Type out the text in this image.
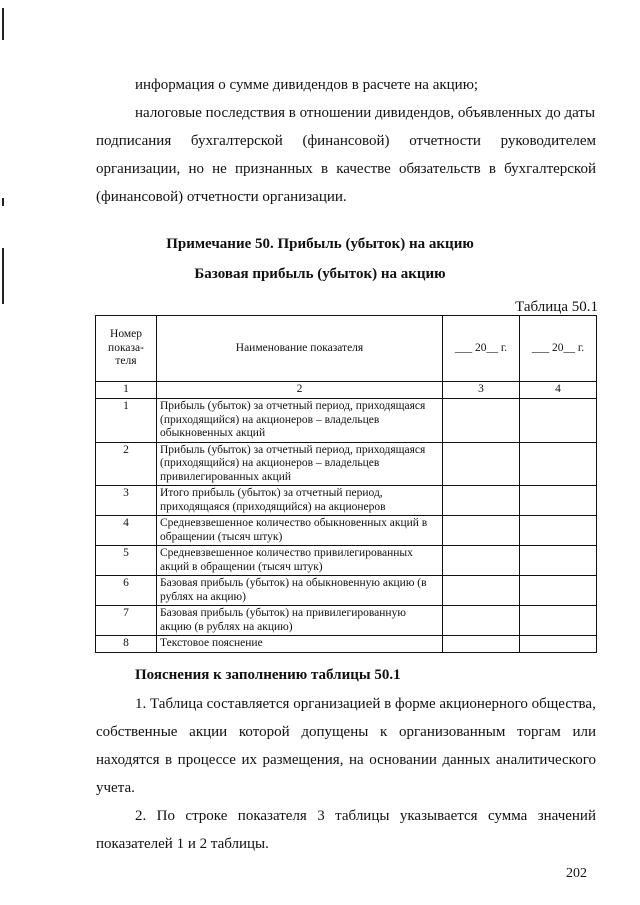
информация о сумме дивидендов в расчете на акцию;

налоговые последствия в отношении дивидендов, объявленных до даты

подписания бухгалтерской (финансовой) отчетности руководителем

организации, но не признанных в качестве обязательств в бухгалтерской

(финансовой) отчетности организации.

Примечание 50. Прибыль (убыток) на акцию

Базовая прибыль (убыток) на акцию

Таблица 50.1
Номер показа-теля	Наименование показателя	___ 20__ г.	___ 20__ г.
1	2	3	4
1	Прибыль (убыток) за отчетный период, приходящаяся (приходящийся) на акционеров – владельцев обыкновенных акций		
2	Прибыль (убыток) за отчетный период, приходящаяся (приходящийся) на акционеров – владельцев привилегированных акций		
3	Итого прибыль (убыток) за отчетный период, приходящаяся (приходящийся) на акционеров		
4	Средневзвешенное количество обыкновенных акций в обращении (тысяч штук)		
5	Средневзвешенное количество привилегированных акций в обращении (тысяч штук)		
6	Базовая прибыль (убыток) на обыкновенную акцию (в рублях на акцию)		
7	Базовая прибыль (убыток) на привилегированную акцию (в рублях на акцию)		
8	Текстовое пояснение		

Пояснения к заполнению таблицы 50.1

1. Таблица составляется организацией в форме акционерного общества,

собственные акции которой допущены к организованным торгам или

находятся в процессе их размещения, на основании данных аналитического

учета.

2. По строке показателя 3 таблицы указывается сумма значений

показателей 1 и 2 таблицы.

202
